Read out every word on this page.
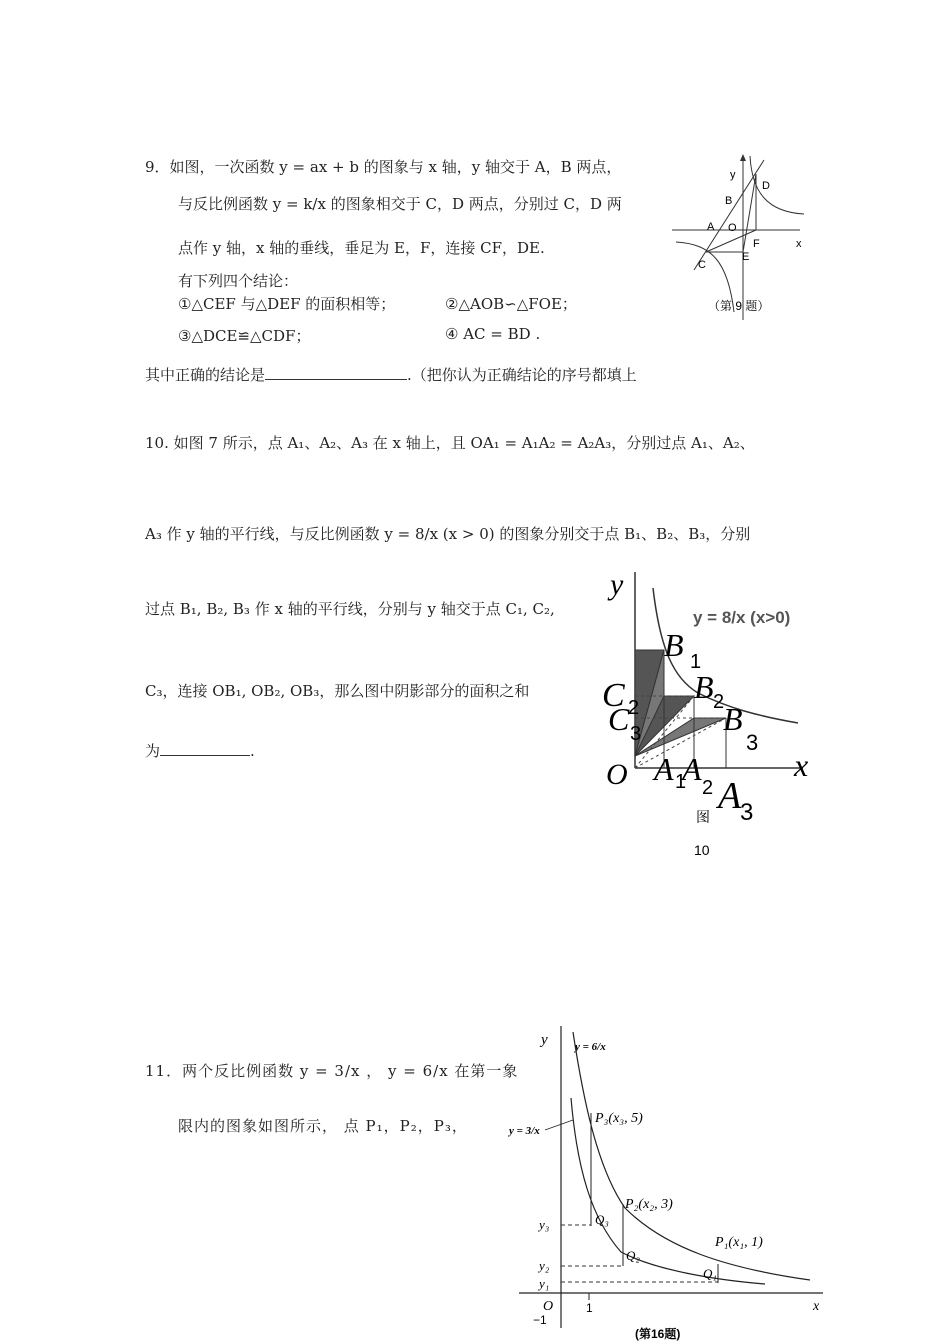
9．如图，一次函数 y = ax + b 的图象与 x 轴，y 轴交于 A，B 两点，
与反比例函数 y = k/x 的图象相交于 C，D 两点，分别过 C，D 两
点作 y 轴，x 轴的垂线，垂足为 E，F，连接 CF，DE.
有下列四个结论：
①△CEF 与△DEF 的面积相等；	②△AOB∽△FOE；
③△DCE≌△CDF；	④ AC = BD .
其中正确的结论是	.（把你认为正确结论的序号都填上
y
x
D
B
A O
F
E
C
（第 9 题）
10. 如图 7 所示，点 A₁、A₂、A₃ 在 x 轴上，且 OA₁ = A₁A₂ = A₂A₃，分别过点 A₁、A₂、
A₃ 作 y 轴的平行线，与反比例函数 y = 8/x (x > 0) 的图象分别交于点 B₁、B₂、B₃，分别
过点 B₁, B₂, B₃ 作 x 轴的平行线，分别与 y 轴交于点 C₁, C₂,
C₃，连接 OB₁, OB₂, OB₃，那么图中阴影部分的面积之和
为	.
y
y = 8/x (x>0)
B 1
B 2
B
3
C 2
C 3
O	x
A 1
A
2 A
3
图
10
11．两个反比例函数 y = 3/x ， y = 6/x 在第一象
限内的图象如图所示， 点 P₁，P₂，P₃，
y
x
O	1
−1
y = 6/x
y = 3/x
P₃(x₃, 5)
P₂(x₂, 3)
P₁(x₁, 1)
Q₃
Q₂
Q₁
y₃
y₂
y₁
(第16题)
